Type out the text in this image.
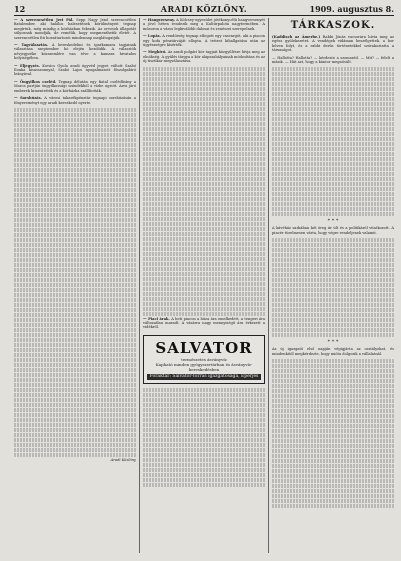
12	ARADI KÖZLÖNY.	1909. augusztus 8.
— A szerencsétlen Jeri Pál. Sepp Nagy Jenő szerencsétlen fiatalember, aki halálos balesetének körülményeit tegnap megírtuk, még mindig a kórházban fekszik. Az orvosok állapotát súlyosnak mondják, de remélik, hogy megmenthetik életét. A szerencsétlen fiú hozzátartozói mindennap meglátogatják.
— Tagválasztás. A kereskedelmi és iparkamara tagjainak választása szeptember hó elején kezdődik. A választók névjegyzéke közszemlére van téve a kamara hivatalos helyiségében.
— Eljegyzés. Kovács Gyula aradi ügyvéd jegyet váltott Szabó Ilonka kisasszonnyal, Szabó Lajos nyugalmazott főszolgabíró leányával.
— Öngyilkos cseléd. Tegnap délután egy fiatal cselédleány a Maros partján öngyilkossági szándékból a vízbe ugrott. Arra járó emberek kimentették és a kórházba szállították.
— Sorshúzás. A városi takarékpénztár tegnapi sorshúzásán a főnyereményt egy aradi kereskedő nyerte.
Aradi Közlöny
— Hangverseny. A Kölcsey-egyesület jótékonycélú hangversenyét a jövő héten rendezik meg a Kultúrpalota nagytermében. A műsoron a város legkiválóbb dalosai és zenészei szerepelnek.
— Lopás. A rendőrség tegnap elfogott egy csavargót, aki a piacon egy kofa pénztárcáját ellopta. A tettest kihallgatása után az ügyészségre kísérték.
— Meghívó. Az aradi polgári kör tagjait közgyűlésre hívja meg az elnökség. A gyűlés tárgya a kör alapszabályainak módosítása és az új tisztikar megválasztása.
— Piaci árak. A heti piacon a búza ára emelkedett, a tengeri ára változatlan maradt. A vásárra nagy mennyiségű áru érkezett a vidékről.
SALVATOR
természetes ásványvíz
Kapható minden gyógyszertárban és ásványvíz-kereskedésben
Főraktár: Salvator-forrás igazgatósága, Eperjes
TÁRKASZOK.
(Kaddisch az Ámerbe.) Rabbi Jónás vacsorára hívta meg az egész gyülekezetet. A vendégek vidáman beszélgettek, a bor bőven folyt, és a rabbi derűs történetekkel szórakoztatta a társaságot.
— Hallotta? Hallotta? — kérdezte a szomszéd. — Mit? — felelt a másik. — Hát azt, hogy a kántor megnősült.
* * *
A kávéház sarkában két öreg úr ült és a politikáról vitatkozott. A pincér türelmesen várta, hogy végre rendeljenek valamit.
* * *
Az új igazgató első napján végigjárta az osztályokat, és mindenkitől megkérdezte, hogy mióta dolgozik a vállalatnál.
